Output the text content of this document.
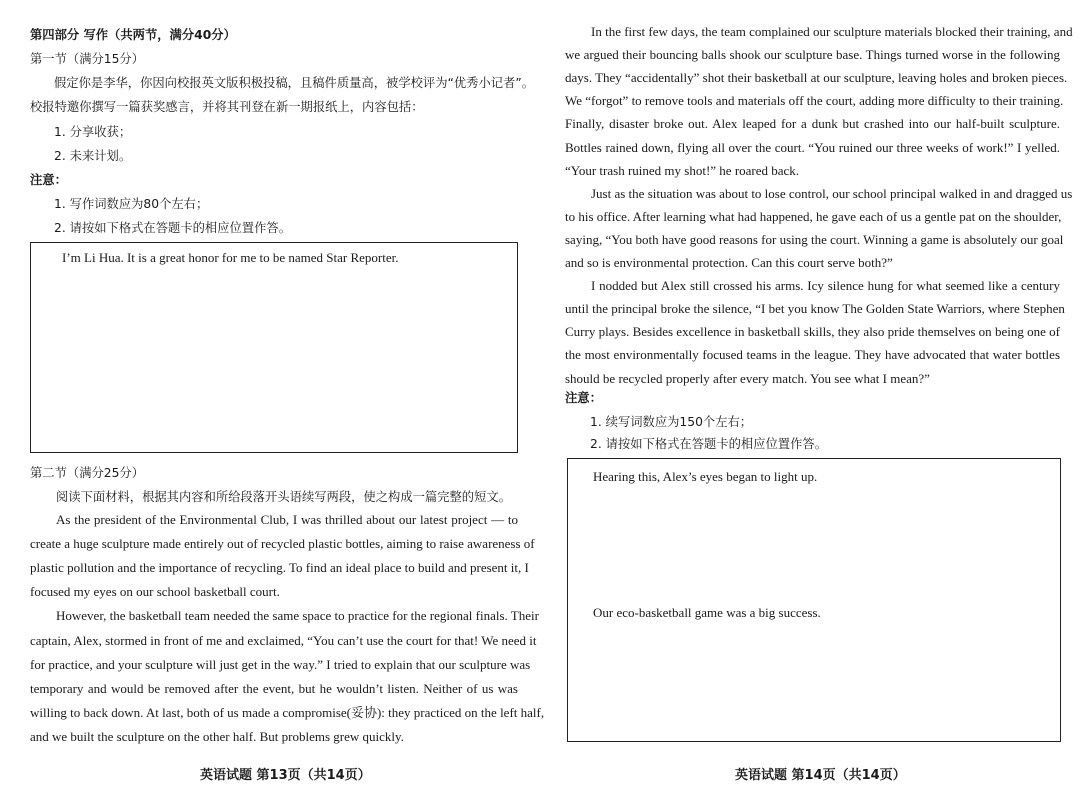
第四部分 写作（共两节，满分40分）
第一节（满分15分）
假定你是李华，你因向校报英文版积极投稿，且稿件质量高，被学校评为“优秀小记者”。
校报特邀你撰写一篇获奖感言，并将其刊登在新一期报纸上，内容包括：
1. 分享收获；
2. 未来计划。
注意：
1. 写作词数应为80个左右；
2. 请按如下格式在答题卡的相应位置作答。
I’m Li Hua. It is a great honor for me to be named Star Reporter.
第二节（满分25分）
阅读下面材料，根据其内容和所给段落开头语续写两段，使之构成一篇完整的短文。
As the president of the Environmental Club, I was thrilled about our latest project — to
create a huge sculpture made entirely out of recycled plastic bottles, aiming to raise awareness of
plastic pollution and the importance of recycling. To find an ideal place to build and present it, I
focused my eyes on our school basketball court.
However, the basketball team needed the same space to practice for the regional finals. Their
captain, Alex, stormed in front of me and exclaimed, “You can’t use the court for that! We need it
for practice, and your sculpture will just get in the way.” I tried to explain that our sculpture was
temporary and would be removed after the event, but he wouldn’t listen. Neither of us was
willing to back down. At last, both of us made a compromise(妥协): they practiced on the left half,
and we built the sculpture on the other half. But problems grew quickly.
英语试题 第13页（共14页）
In the first few days, the team complained our sculpture materials blocked their training, and
we argued their bouncing balls shook our sculpture base. Things turned worse in the following
days. They “accidentally” shot their basketball at our sculpture, leaving holes and broken pieces.
We “forgot” to remove tools and materials off the court, adding more difficulty to their training.
Finally, disaster broke out. Alex leaped for a dunk but crashed into our half-built sculpture.
Bottles rained down, flying all over the court. “You ruined our three weeks of work!” I yelled.
“Your trash ruined my shot!” he roared back.
Just as the situation was about to lose control, our school principal walked in and dragged us
to his office. After learning what had happened, he gave each of us a gentle pat on the shoulder,
saying, “You both have good reasons for using the court. Winning a game is absolutely our goal
and so is environmental protection. Can this court serve both?”
I nodded but Alex still crossed his arms. Icy silence hung for what seemed like a century
until the principal broke the silence, “I bet you know The Golden State Warriors, where Stephen
Curry plays. Besides excellence in basketball skills, they also pride themselves on being one of
the most environmentally focused teams in the league. They have advocated that water bottles
should be recycled properly after every match. You see what I mean?”
注意：
1. 续写词数应为150个左右；
2. 请按如下格式在答题卡的相应位置作答。
Hearing this, Alex’s eyes began to light up.
Our eco-basketball game was a big success.
英语试题 第14页（共14页）
